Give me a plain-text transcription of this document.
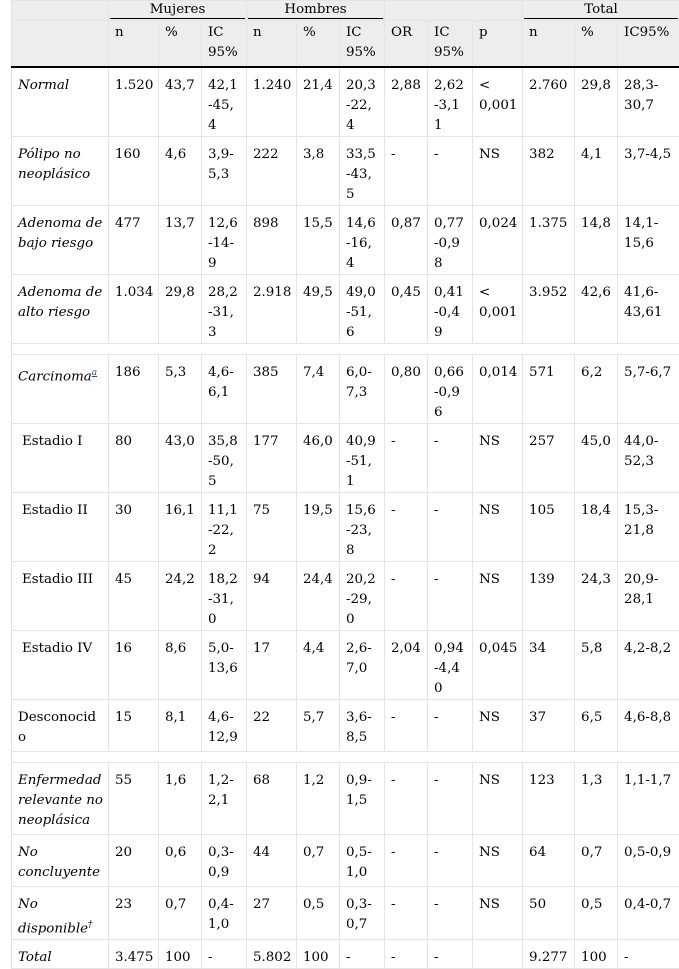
	Mujeres			Hombres						Total		

	n	%	IC 95%	n	%	IC 95%	OR	IC 95%	p	n	%	IC95%
Normal	1.520	43,7	42,1-45,4	1.240	21,4	20,3-22,4	2,88	2,62-3,11	< 0,001	2.760	29,8	28,3-30,7
Pólipo no neoplásico	160	4,6	3,9-5,3	222	3,8	33,5-43,5	-	-	NS	382	4,1	3,7-4,5
Adenoma de bajo riesgo	477	13,7	12,6-14-9	898	15,5	14,6-16,4	0,87	0,77-0,98	0,024	1.375	14,8	14,1-15,6
Adenoma de alto riesgo	1.034	29,8	28,2-31,3	2.918	49,5	49,0-51,6	0,45	0,41-0,49	< 0,001	3.952	42,6	41,6-43,61

Carcinoma$^a$	186	5,3	4,6-6,1	385	7,4	6,0-7,3	0,80	0,66-0,96	0,014	571	6,2	5,7-6,7
Estadio I	80	43,0	35,8-50,5	177	46,0	40,9-51,1	-	-	NS	257	45,0	44,0-52,3
Estadio II	30	16,1	11,1-22,2	75	19,5	15,6-23,8	-	-	NS	105	18,4	15,3-21,8
Estadio III	45	24,2	18,2-31,0	94	24,4	20,2-29,0	-	-	NS	139	24,3	20,9-28,1
Estadio IV	16	8,6	5,0-13,6	17	4,4	2,6-7,0	2,04	0,94-4,40	0,045	34	5,8	4,2-8,2
Desconocido	15	8,1	4,6-12,9	22	5,7	3,6-8,5	-	-	NS	37	6,5	4,6-8,8

Enfermedad relevante no neoplásica	55	1,6	1,2-2,1	68	1,2	0,9-1,5	-	-	NS	123	1,3	1,1-1,7
No concluyente	20	0,6	0,3-0,9	44	0,7	0,5-1,0	-	-	NS	64	0,7	0,5-0,9
No disponible†	23	0,7	0,4-1,0	27	0,5	0,3-0,7	-	-	NS	50	0,5	0,4-0,7
Total	3.475	100	-	5.802	100	-	-	-		9.277	100	-
